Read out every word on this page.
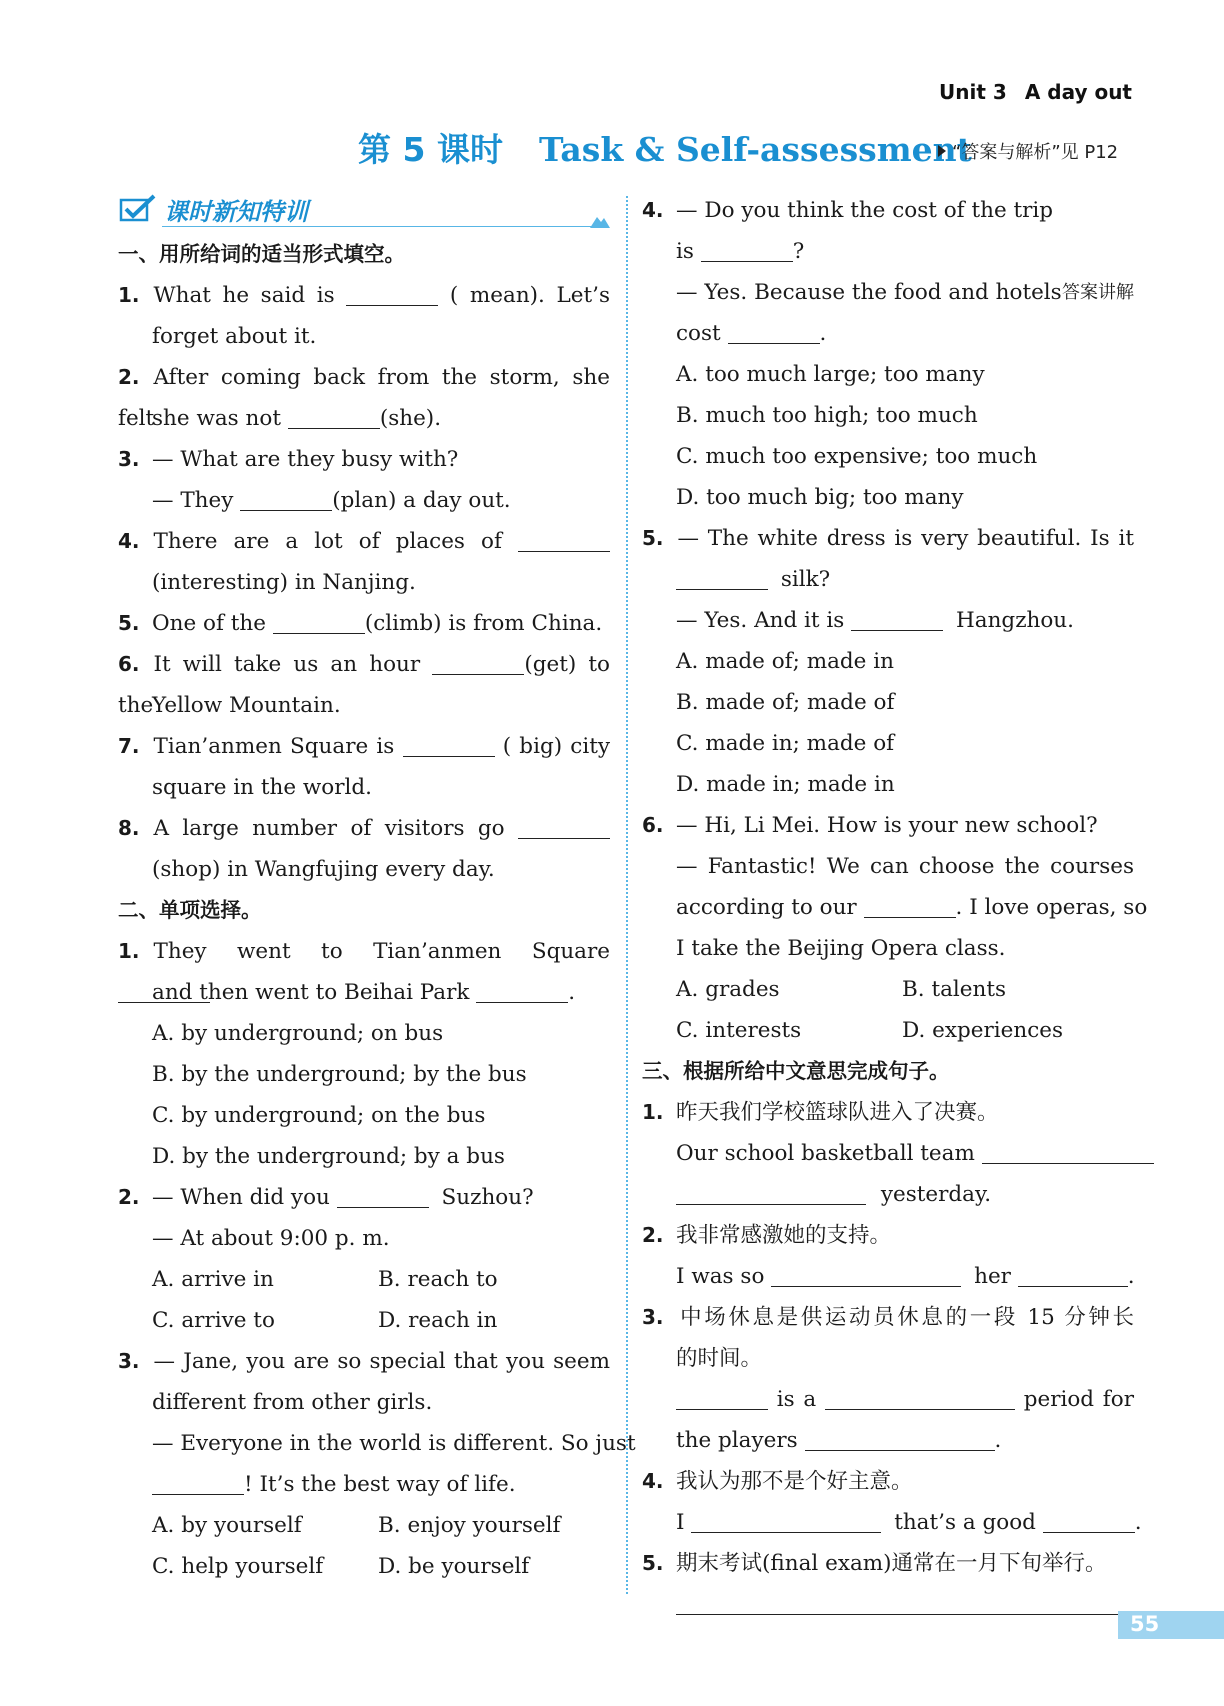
Unit 3 A day out
第 5 课时 Task & Self-assessment
“答案与解析”见 P12
课时新知特训
一、用所给词的适当形式填空。
1. What he said is	( mean). Let’s
forget about it.
2. After coming back from the storm, she felt
she was not	(she).
3. — What are they busy with?
— They	(plan) a day out.
4. There are a lot of places of
(interesting) in Nanjing.
5. One of the	(climb) is from China.
6. It will take us an hour	(get) to the
Yellow Mountain.
7. Tian’anmen Square is	( big) city
square in the world.
8. A large number of visitors go
(shop) in Wangfujing every day.
二、单项选择。
1. They went to Tian’anmen Square
and then went to Beihai Park	.
A. by underground; on bus
B. by the underground; by the bus
C. by underground; on the bus
D. by the underground; by a bus
2. — When did you	Suzhou?
— At about 9:00 p. m.
A. arrive in	B. reach to
C. arrive to	D. reach in
3. — Jane, you are so special that you seem
different from other girls.
— Everyone in the world is different. So just
! It’s the best way of life.
A. by yourself	B. enjoy yourself
C. help yourself	D. be yourself
4. — Do you think the cost of the trip
is	?
— Yes. Because the food and hotels 答案讲解
cost	.
A. too much large; too many
B. much too high; too much
C. much too expensive; too much
D. too much big; too many
5. — The white dress is very beautiful. Is it
silk?
— Yes. And it is	Hangzhou.
A. made of; made in
B. made of; made of
C. made in; made of
D. made in; made in
6. — Hi, Li Mei. How is your new school?
— Fantastic! We can choose the courses
according to our	. I love operas, so
I take the Beijing Opera class.
A. grades	B. talents
C. interests	D. experiences
三、根据所给中文意思完成句子。
1. 昨天我们学校篮球队进入了决赛。
Our school basketball team
yesterday.
2. 我非常感激她的支持。
I was so	her	.
3. 中场休息是供运动员休息的一段 15 分钟长
的时间。
is a	period for
the players	.
4. 我认为那不是个好主意。
I	that’s a good	.
5. 期末考试(final exam)通常在一月下旬举行。
55
